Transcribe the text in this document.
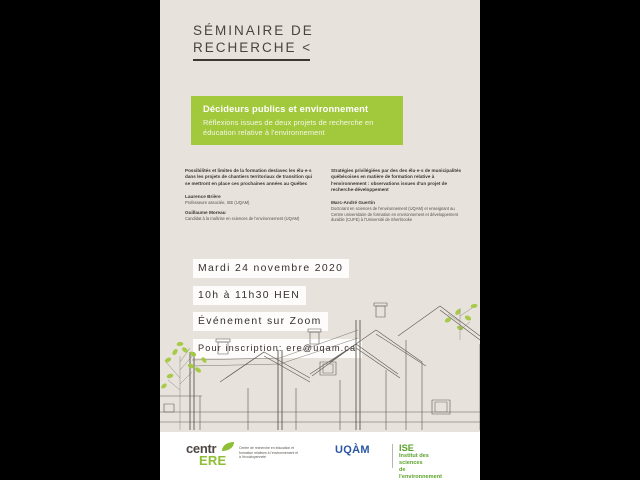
SÉMINAIRE DE
RECHERCHE <
Décideurs publics et environnement
Réflexions issues de deux projets de recherche en éducation relative à l'environnement
Possibilités et limites de la formation des/avec les élu·e·s dans les projets de chantiers territoriaux de transition qui se mettront en place ces prochaines années au Québec
Laurence Brière
Professeure associée, ISE (UQAM)
Guillaume Moreau
Candidat à la maîtrise en sciences de l'environnement (UQAM)
Stratégies privilégiées par des des élu·e·s de municipalités québécoises en matière de formation relative à l'environnement : observations issues d'un projet de recherche-développement
Marc-André Guertin
Doctorant en sciences de l'environnement (UQAM) et enseignant au Centre universitaire de formation en environnement et développement durable (CUFE) à l'Université de Sherbrooke
Mardi 24 novembre 2020
10h à 11h30 HEN
Événement sur Zoom
Pour inscription: ere@uqam.ca
centr
ERE
Centre de recherche en éducation et formation relatives à l'environnement et à l'écocitoyenneté
UQÀM	ISE
Institut des sciences
de l'environnement
